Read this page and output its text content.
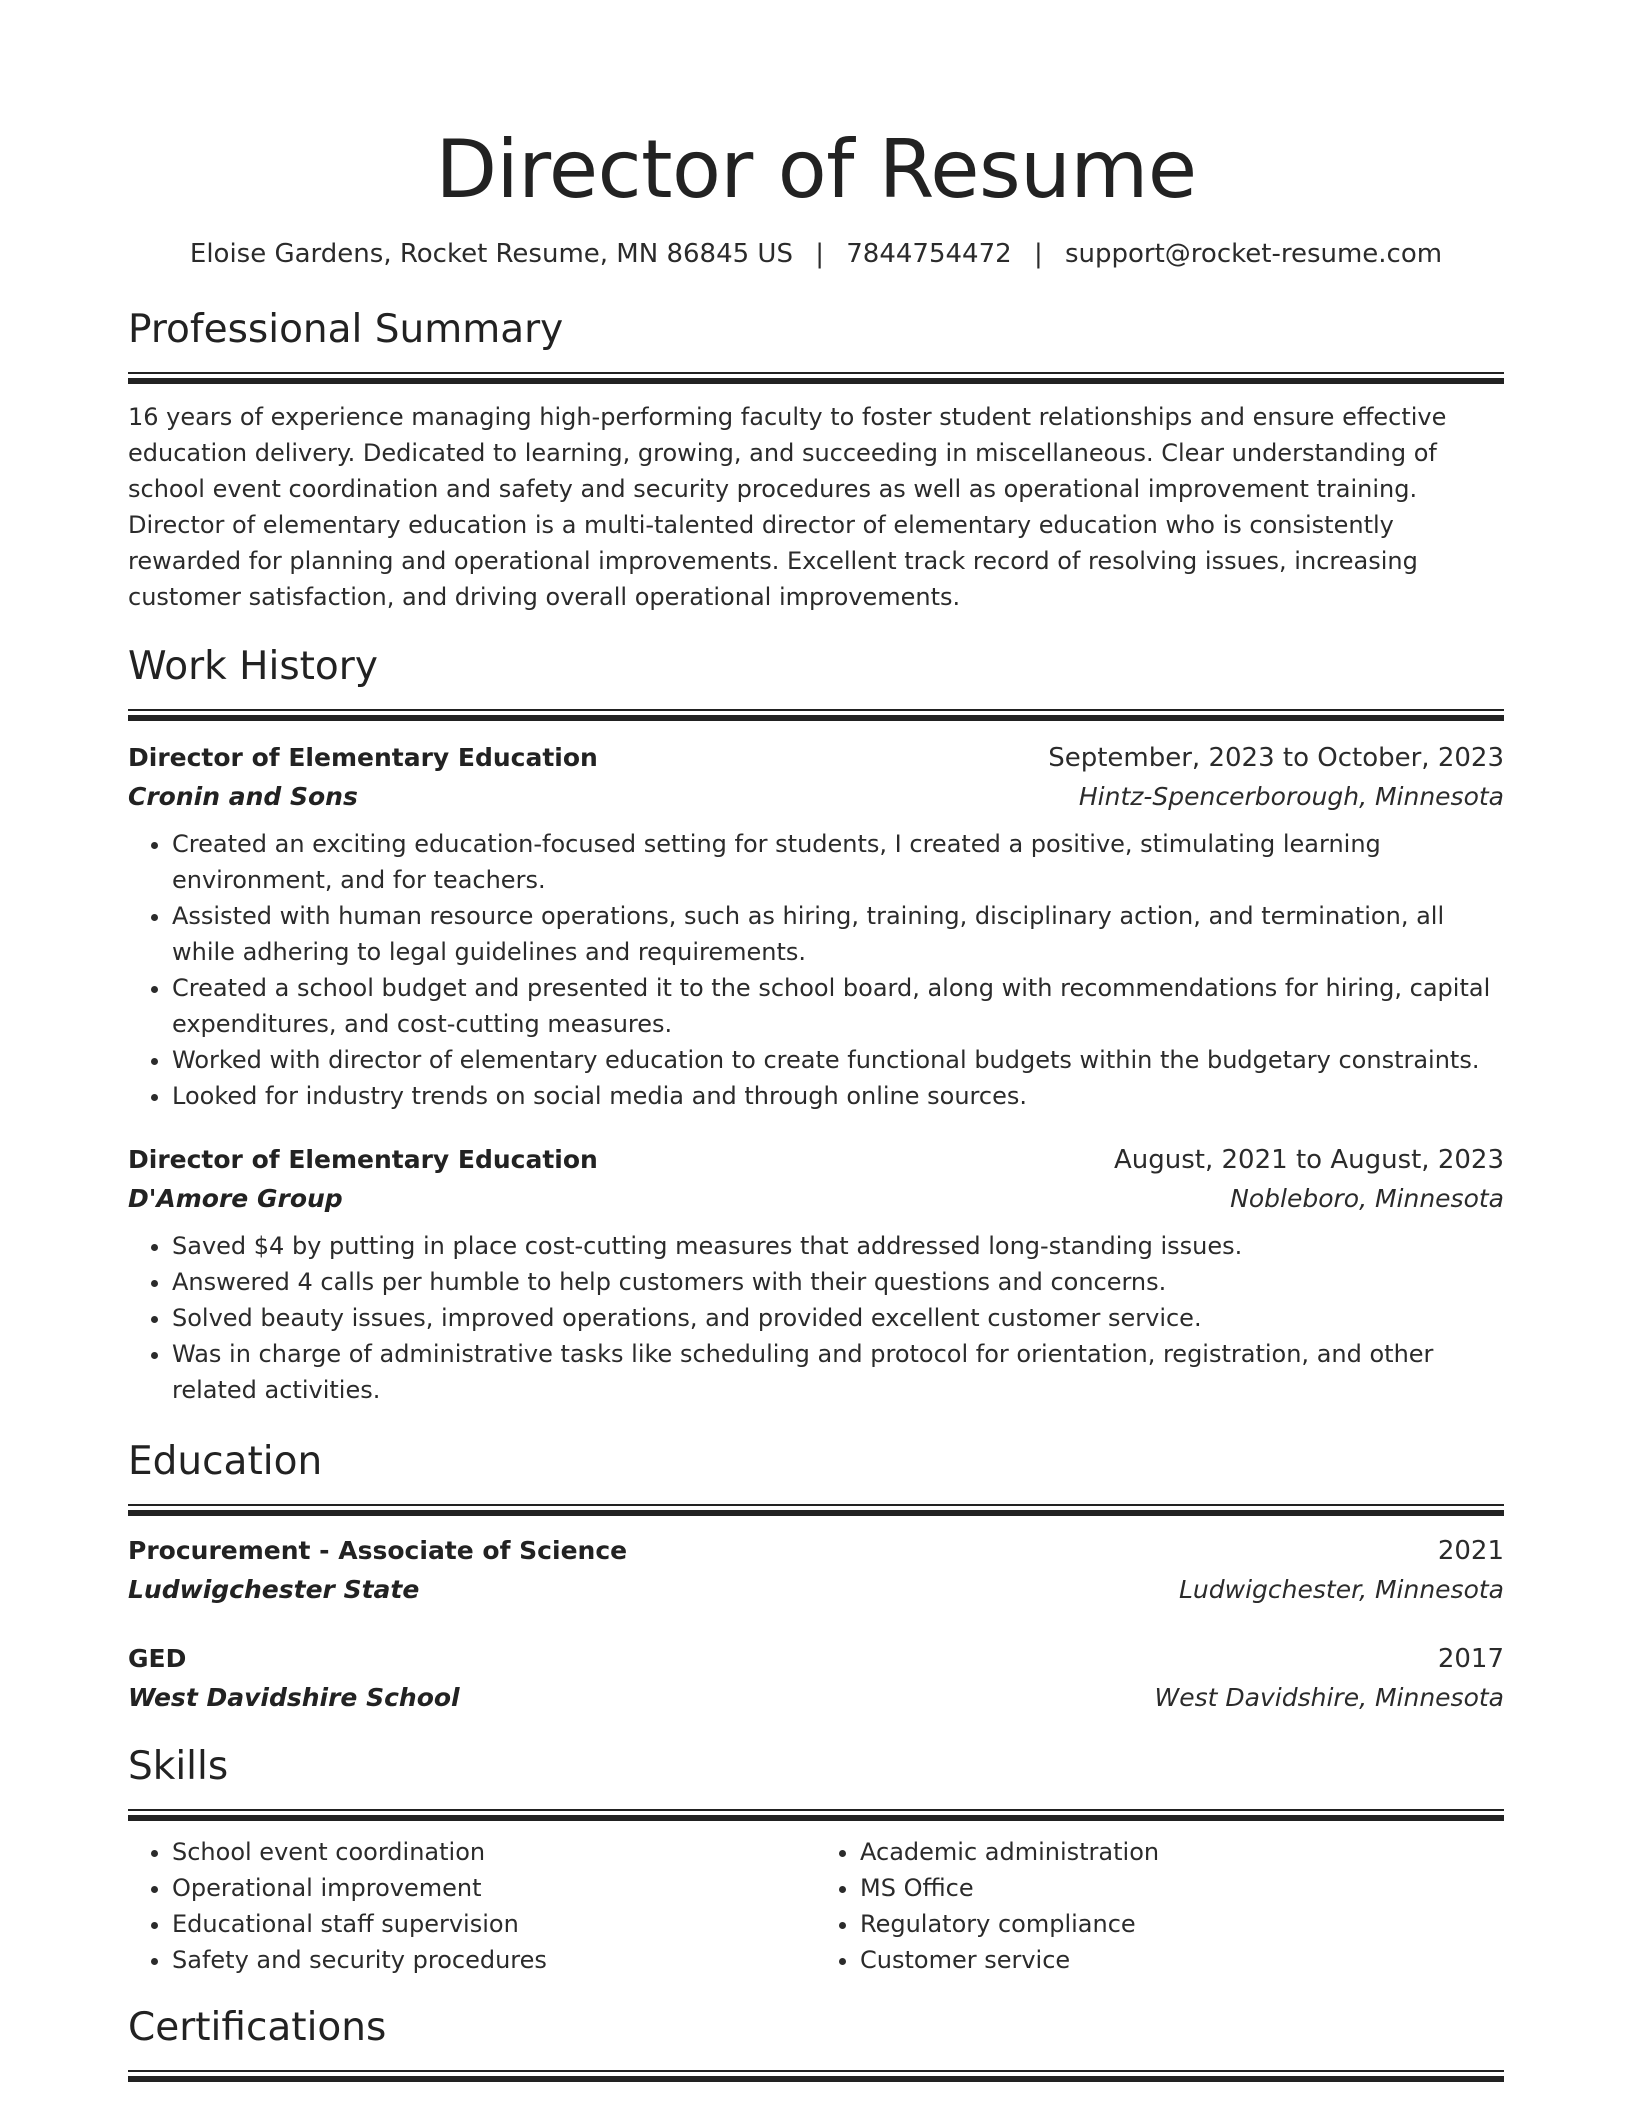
Director of Resume
Eloise Gardens, Rocket Resume, MN 86845 US | 7844754472 | support@rocket-resume.com
Professional Summary
16 years of experience managing high-performing faculty to foster student relationships and ensure effective education delivery. Dedicated to learning, growing, and succeeding in miscellaneous. Clear understanding of school event coordination and safety and security procedures as well as operational improvement training. Director of elementary education is a multi-talented director of elementary education who is consistently rewarded for planning and operational improvements. Excellent track record of resolving issues, increasing customer satisfaction, and driving overall operational improvements.
Work History
Director of Elementary Education	September, 2023 to October, 2023
Cronin and Sons	Hintz-Spencerborough, Minnesota
• Created an exciting education-focused setting for students, I created a positive, stimulating learning environment, and for teachers.
• Assisted with human resource operations, such as hiring, training, disciplinary action, and termination, all while adhering to legal guidelines and requirements.
• Created a school budget and presented it to the school board, along with recommendations for hiring, capital expenditures, and cost-cutting measures.
• Worked with director of elementary education to create functional budgets within the budgetary constraints.
• Looked for industry trends on social media and through online sources.
Director of Elementary Education	August, 2021 to August, 2023
D'Amore Group	Nobleboro, Minnesota
• Saved $4 by putting in place cost-cutting measures that addressed long-standing issues.
• Answered 4 calls per humble to help customers with their questions and concerns.
• Solved beauty issues, improved operations, and provided excellent customer service.
• Was in charge of administrative tasks like scheduling and protocol for orientation, registration, and other related activities.
Education
Procurement - Associate of Science	2021
Ludwigchester State	Ludwigchester, Minnesota
GED	2017
West Davidshire School	West Davidshire, Minnesota
Skills
• School event coordination
• Operational improvement
• Educational staff supervision
• Safety and security procedures
• Academic administration
• MS Office
• Regulatory compliance
• Customer service
Certifications
